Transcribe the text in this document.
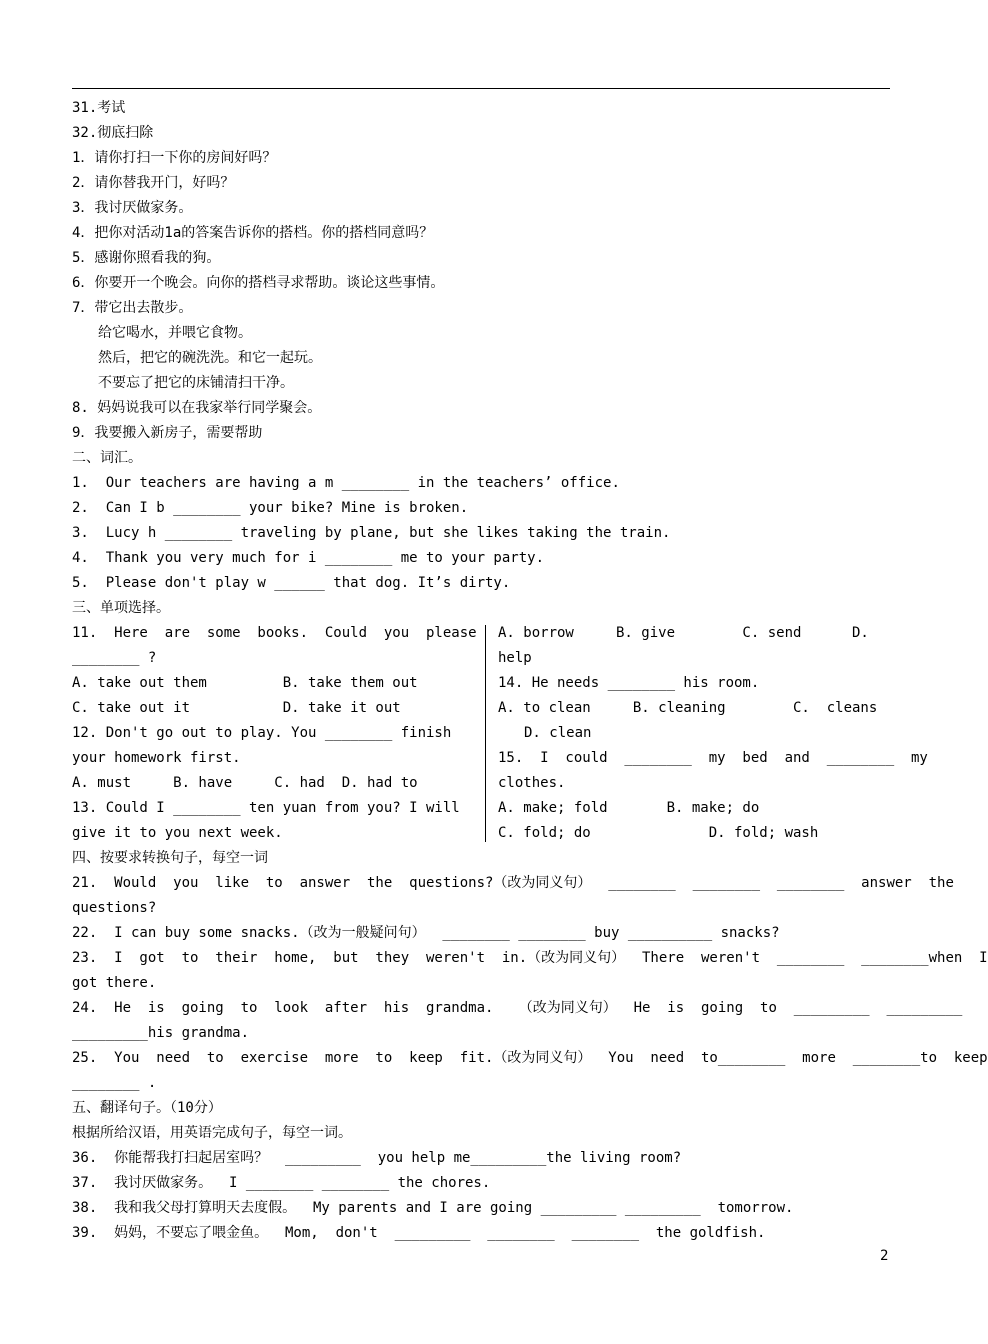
31.考试
32.彻底扫除
1．请你打扫一下你的房间好吗？
2．请你替我开门，好吗？
3．我讨厌做家务。
4．把你对活动1a的答案告诉你的搭档。你的搭档同意吗？
5．感谢你照看我的狗。
6．你要开一个晚会。向你的搭档寻求帮助。谈论这些事情。
7．带它出去散步。
给它喝水，并喂它食物。
然后，把它的碗洗洗。和它一起玩。
不要忘了把它的床铺清扫干净。
8. 妈妈说我可以在我家举行同学聚会。
9．我要搬入新房子，需要帮助
二、词汇。
1.  Our teachers are having a m ________ in the teachers’ office.
2.  Can I b ________ your bike? Mine is broken.
3.  Lucy h ________ traveling by plane, but she likes taking the train.
4.  Thank you very much for i ________ me to your party.
5.  Please don't play w ______ that dog. It’s dirty.
三、单项选择。
11.  Here  are  some  books.  Could  you  please
________ ?
A. take out them         B. take them out
C. take out it           D. take it out
12. Don't go out to play. You ________ finish
your homework first.
A. must     B. have     C. had  D. had to
13. Could I ________ ten yuan from you? I will
give it to you next week.
A. borrow     B. give        C. send      D.
help
14. He needs ________ his room.
A. to clean     B. cleaning        C.  cleans
D. clean
15.  I  could  ________  my  bed  and  ________  my
clothes.
A. make; fold       B. make; do
C. fold; do              D. fold; wash
四、按要求转换句子，每空一词
21.  Would  you  like  to  answer  the  questions?（改为同义句）  ________  ________  ________  answer  the
questions?
22.  I can buy some snacks.（改为一般疑问句）  ________ ________ buy __________ snacks?
23.  I  got  to  their  home,  but  they  weren't  in.（改为同义句）  There  weren't  ________  ________when  I
got there.
24.  He  is  going  to  look  after  his  grandma.   （改为同义句）  He  is  going  to  _________  _________
_________his grandma.
25.  You  need  to  exercise  more  to  keep  fit.（改为同义句）  You  need  to________  more  ________to  keep
________ .
五、翻译句子。（10分）
根据所给汉语，用英语完成句子，每空一词。
36.  你能帮我打扫起居室吗？  _________  you help me_________the living room?
37.  我讨厌做家务。  I ________ ________ the chores.
38.  我和我父母打算明天去度假。  My parents and I are going _________ _________  tomorrow.
39.  妈妈，不要忘了喂金鱼。  Mom,  don't  _________  ________  ________  the goldfish.
2
